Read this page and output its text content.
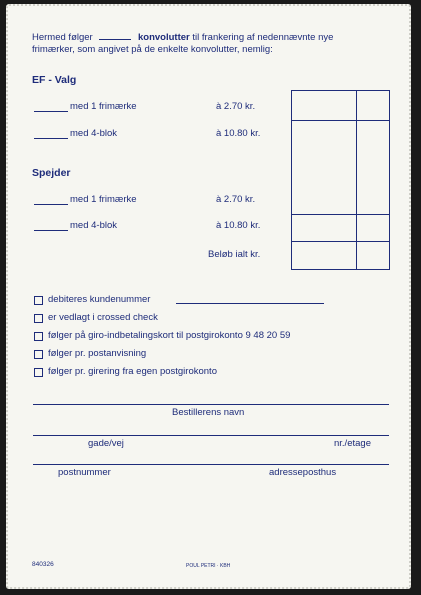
Hermed følger	konvolutter til frankering af nedennævnte nye
frimærker, som angivet på de enkelte konvolutter, nemlig:
EF - Valg
med 1 frimærke	à 2.70 kr.
med 4-blok	à 10.80 kr.
Spejder
med 1 frimærke	à 2.70 kr.
med 4-blok	à 10.80 kr.
Beløb ialt kr.
debiteres kundenummer
er vedlagt i crossed check
følger på giro-indbetalingskort til postgirokonto 9 48 20 59
følger pr. postanvisning
følger pr. girering fra egen postgirokonto
Bestillerens navn
gade/vej	nr./etage
postnummer	adresseposthus
840326	POUL PETRI · KBH
